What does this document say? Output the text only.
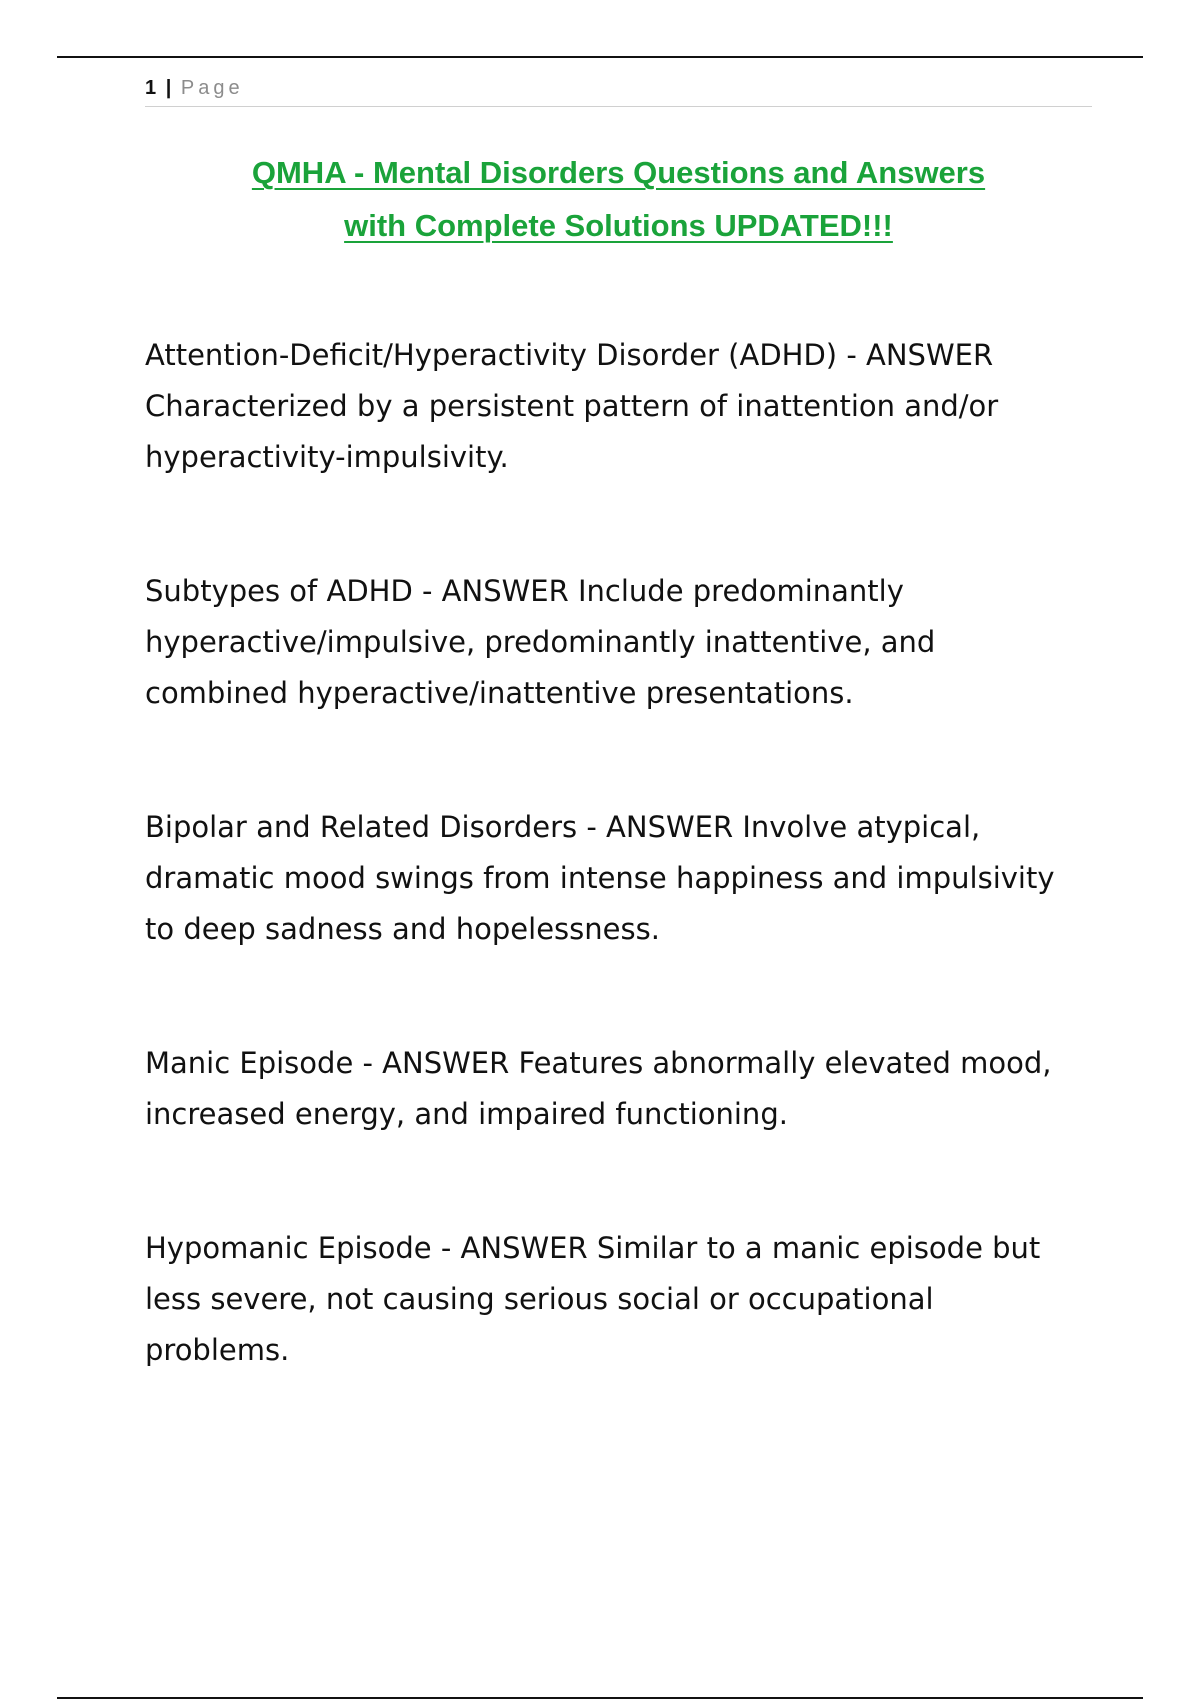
1 | Page
QMHA - Mental Disorders Questions and Answers
with Complete Solutions UPDATED!!!

Attention-Deficit/Hyperactivity Disorder (ADHD) - ANSWER Characterized by a persistent pattern of inattention and/or hyperactivity-impulsivity.

Subtypes of ADHD - ANSWER Include predominantly hyperactive/impulsive, predominantly inattentive, and combined hyperactive/inattentive presentations.

Bipolar and Related Disorders - ANSWER Involve atypical, dramatic mood swings from intense happiness and impulsivity to deep sadness and hopelessness.

Manic Episode - ANSWER Features abnormally elevated mood, increased energy, and impaired functioning.

Hypomanic Episode - ANSWER Similar to a manic episode but less severe, not causing serious social or occupational problems.
